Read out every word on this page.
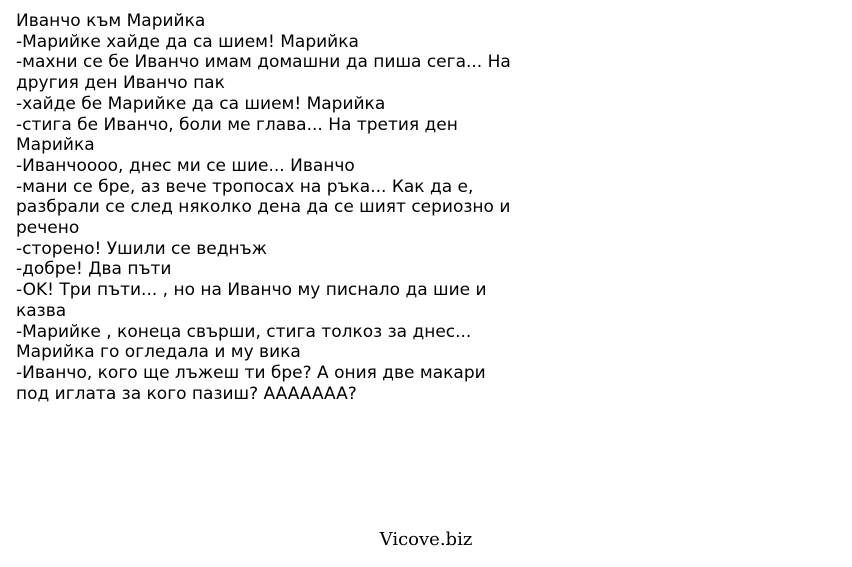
Иванчо към Марийка
-Марийке хайде да са шием! Марийка
-махни се бе Иванчо имам домашни да пиша сега... На
другия ден Иванчо пак
-хайде бе Марийке да са шием! Марийка
-стига бе Иванчо, боли ме глава... На третия ден
Марийка
-Иванчоооо, днес ми се шие... Иванчо
-мани се бре, аз вече тропосах на ръка... Как да е,
разбрали се след няколко дена да се шият сериозно и
речено
-сторено! Ушили се веднъж
-добре! Два пъти
-OK! Три пъти... , но на Иванчо му писнало да шие и
казва
-Марийке , конеца свърши, стига толкоз за днес...
Марийка го огледала и му вика
-Иванчо, кого ще лъжеш ти бре? А ония две макари
под иглата за кого пазиш? AAAAAAA?
Vicove.biz
